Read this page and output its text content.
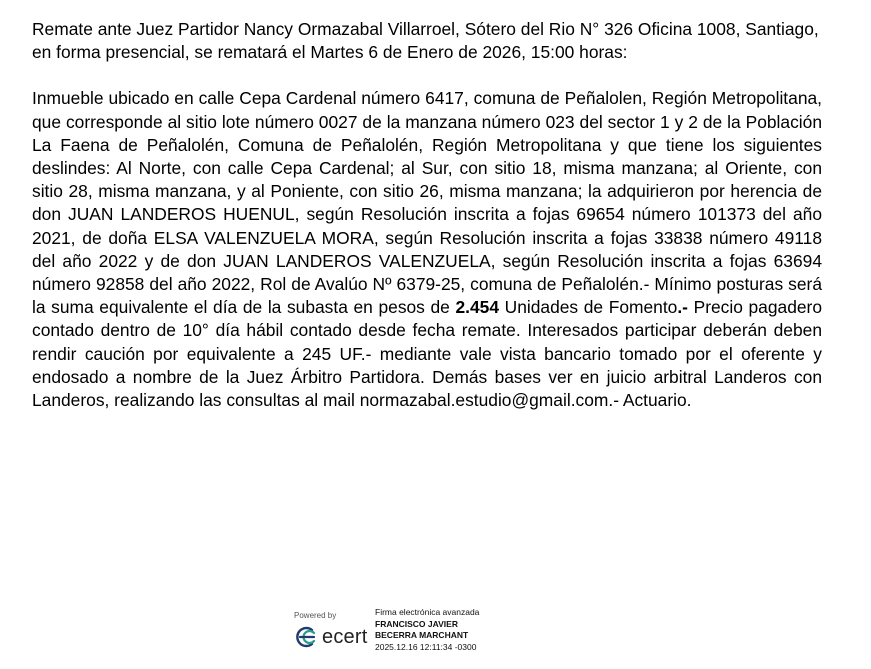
Remate ante Juez Partidor Nancy Ormazabal Villarroel, Sótero del Rio N° 326 Oficina 1008, Santiago, en forma presencial, se rematará el Martes 6 de Enero de 2026, 15:00 horas:

Inmueble ubicado en calle Cepa Cardenal número 6417, comuna de Peñalolen, Región Metropolitana, que corresponde al sitio lote número 0027 de la manzana número 023 del sector 1 y 2 de la Población La Faena de Peñalolén, Comuna de Peñalolén, Región Metropolitana y que tiene los siguientes deslindes: Al Norte, con calle Cepa Cardenal; al Sur, con sitio 18, misma manzana; al Oriente, con sitio 28, misma manzana, y al Poniente, con sitio 26, misma manzana; la adquirieron por herencia de don JUAN LANDEROS HUENUL, según Resolución inscrita a fojas 69654 número 101373 del año 2021, de doña ELSA VALENZUELA MORA, según Resolución inscrita a fojas 33838 número 49118 del año 2022 y de don JUAN LANDEROS VALENZUELA, según Resolución inscrita a fojas 63694 número 92858 del año 2022, Rol de Avalúo Nº 6379-25, comuna de Peñalolén.- Mínimo posturas será la suma equivalente el día de la subasta en pesos de 2.454 Unidades de Fomento.- Precio pagadero contado dentro de 10° día hábil contado desde fecha remate. Interesados participar deberán deben rendir caución por equivalente a 245 UF.- mediante vale vista bancario tomado por el oferente y endosado a nombre de la Juez Árbitro Partidora. Demás bases ver en juicio arbitral Landeros con Landeros, realizando las consultas al mail normazabal.estudio@gmail.com.- Actuario.

Powered by
ecert
Firma electrónica avanzada
FRANCISCO JAVIER
BECERRA MARCHANT
2025.12.16 12:11:34 -0300
